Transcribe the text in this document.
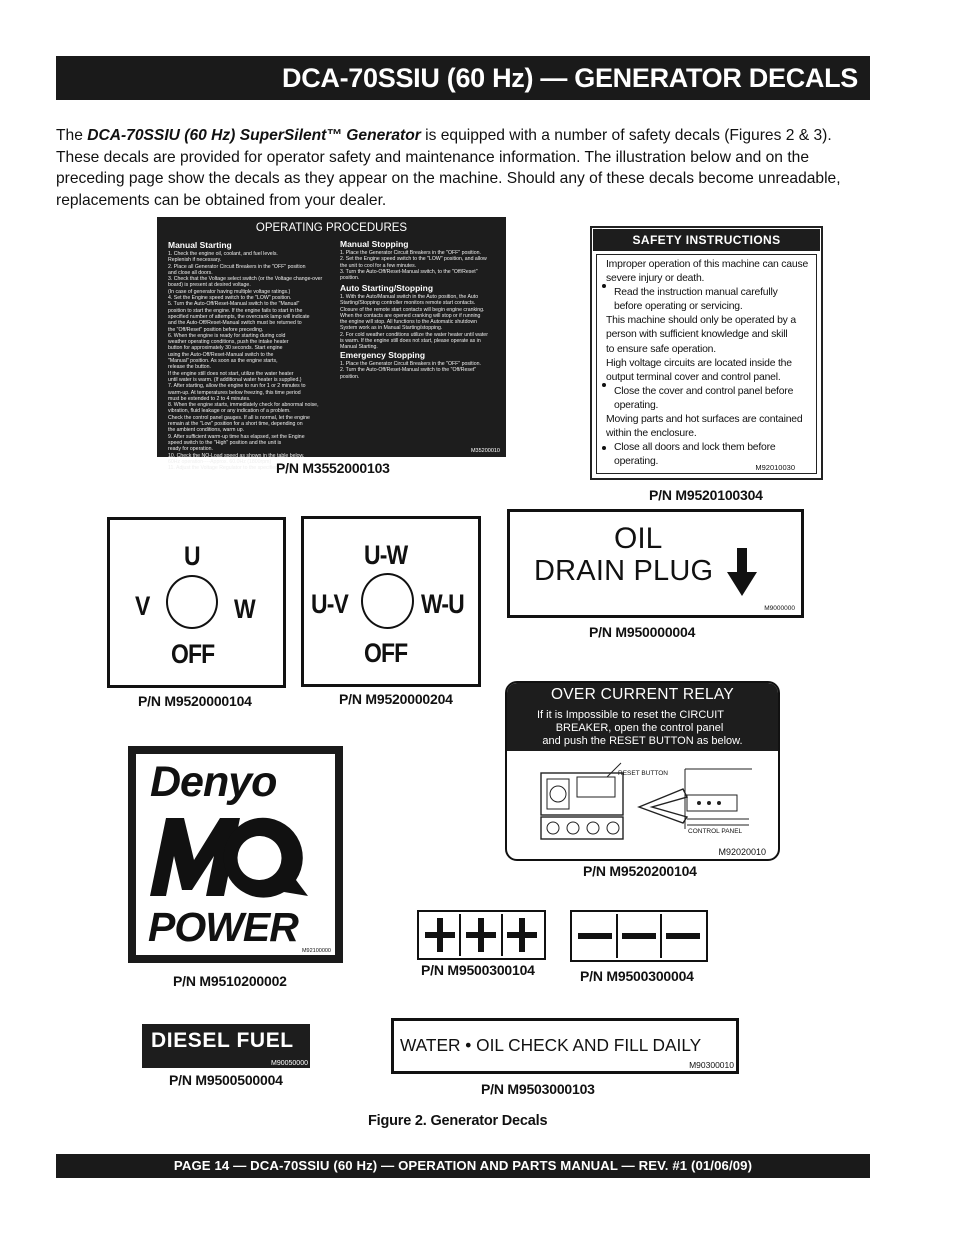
DCA-70SSIU (60 Hz) — GENERATOR DECALS
The DCA-70SSIU (60 Hz) SuperSilent™ Generator is equipped with a number of safety decals (Figures 2 & 3). These decals are provided for operator safety and maintenance information. The illustration below and on the preceding page show the decals as they appear on the machine. Should any of these decals become unreadable, replacements can be obtained from your dealer.
OPERATING PROCEDURES
Manual Starting
1. Check the engine oil, coolant, and fuel levels.
Replenish if necessary.
2. Place all Generator Circuit Breakers in the "OFF" position
and close all doors.
3. Check that the Voltage select switch (or the Voltage change-over
board) is present at desired voltage.
(In case of generator having multiple voltage ratings.)
4. Set the Engine speed switch to the "LOW" position.
5. Turn the Auto-Off/Reset-Manual switch to the "Manual"
position to start the engine. If the engine fails to start in the
specified number of attempts, the overcrank lamp will indicate
and the Auto-Off/Reset-Manual switch must be returned to
the "Off/Reset" position before preceding.
6. When the engine is ready for starting during cold
weather operating conditions, push the intake heater
button for approximately 30 seconds. Start engine
using the Auto-Off/Reset-Manual switch to the
"Manual" position. As soon as the engine starts,
release the button.
If the engine still does not start, utilize the water heater
until water is warm. (If additional water heater is supplied.)
7. After starting, allow the engine to run for 1 or 2 minutes to
warm-up. At temperatures below freezing, this time period
must be extended to 2 to 4 minutes.
8. When the engine starts, immediately check for abnormal noise,
vibration, fluid leakage or any indication of a problem.
Check the control panel gauges. If all is normal, let the engine
remain at the "Low" position for a short time, depending on
the ambient conditions, warm up.
9. After sufficient warm-up time has elapsed, set the Engine
speed switch to the "High" position and the unit is
ready for operation.
10. Check the NO-Load speed as shown in the table below.
60Hz operation----Approx. 60.0Hz (1800rpm)
11. Adjust the Voltage Regulator to the specified voltage.
Manual Stopping
1. Place the Generator Circuit Breakers in the "OFF" position.
2. Set the Engine speed switch to the "LOW" position, and allow
the unit to cool for a few minutes.
3. Turn the Auto-Off/Reset-Manual switch, to the "Off/Reset"
position.
Auto Starting/Stopping
1. With the Auto/Manual switch in the Auto position, the Auto
Starting/Stopping controller monitors remote start contacts.
Closure of the remote start contacts will begin engine cranking.
When the contacts are opened cranking will stop or if running
the engine will stop. All functions to the Automatic shutdown
System work as in Manual Starting/stopping.
2. For cold weather conditions utilize the water heater until water
is warm. If the engine still does not start, please operate as in
Manual Starting.
Emergency Stopping
1. Place the Generator Circuit Breakers in the "OFF" position.
2. Turn the Auto-Off/Reset-Manual switch to the "Off/Reset"
position.
M35200010
P/N M3552000103
SAFETY INSTRUCTIONS
Improper operation of this machine can cause
severe injury or death.
Read the instruction manual carefully
before operating or servicing.
This machine should only be operated by a
person with sufficient knowledge and skill
to ensure safe operation.
High voltage circuits are located inside the
output terminal cover and control panel.
Close the cover and control panel before
operating.
Moving parts and hot surfaces are contained
within the enclosure.
Close all doors and lock them before
operating.
M92010030
P/N M9520100304
U
V	W
OFF
P/N M9520000104
U-W
U-V	W-U
OFF
P/N M9520000204
OIL
DRAIN PLUG
M9000000
P/N M950000004
OVER CURRENT RELAY
If it is Impossible to reset the CIRCUIT
BREAKER, open the control panel
and push the RESET BUTTON as below.
RESET BUTTON
CONTROL PANEL
M92020010
P/N M9520200104
Denyo
POWER
M92100000
P/N M9510200002
P/N M9500300104	P/N M9500300004
DIESEL FUEL
M90050000
P/N M9500500004
WATER • OIL CHECK AND FILL DAILY
M90300010
P/N M9503000103
Figure 2. Generator Decals
PAGE 14 — DCA-70SSIU (60 Hz) — OPERATION AND PARTS MANUAL — REV. #1 (01/06/09)
